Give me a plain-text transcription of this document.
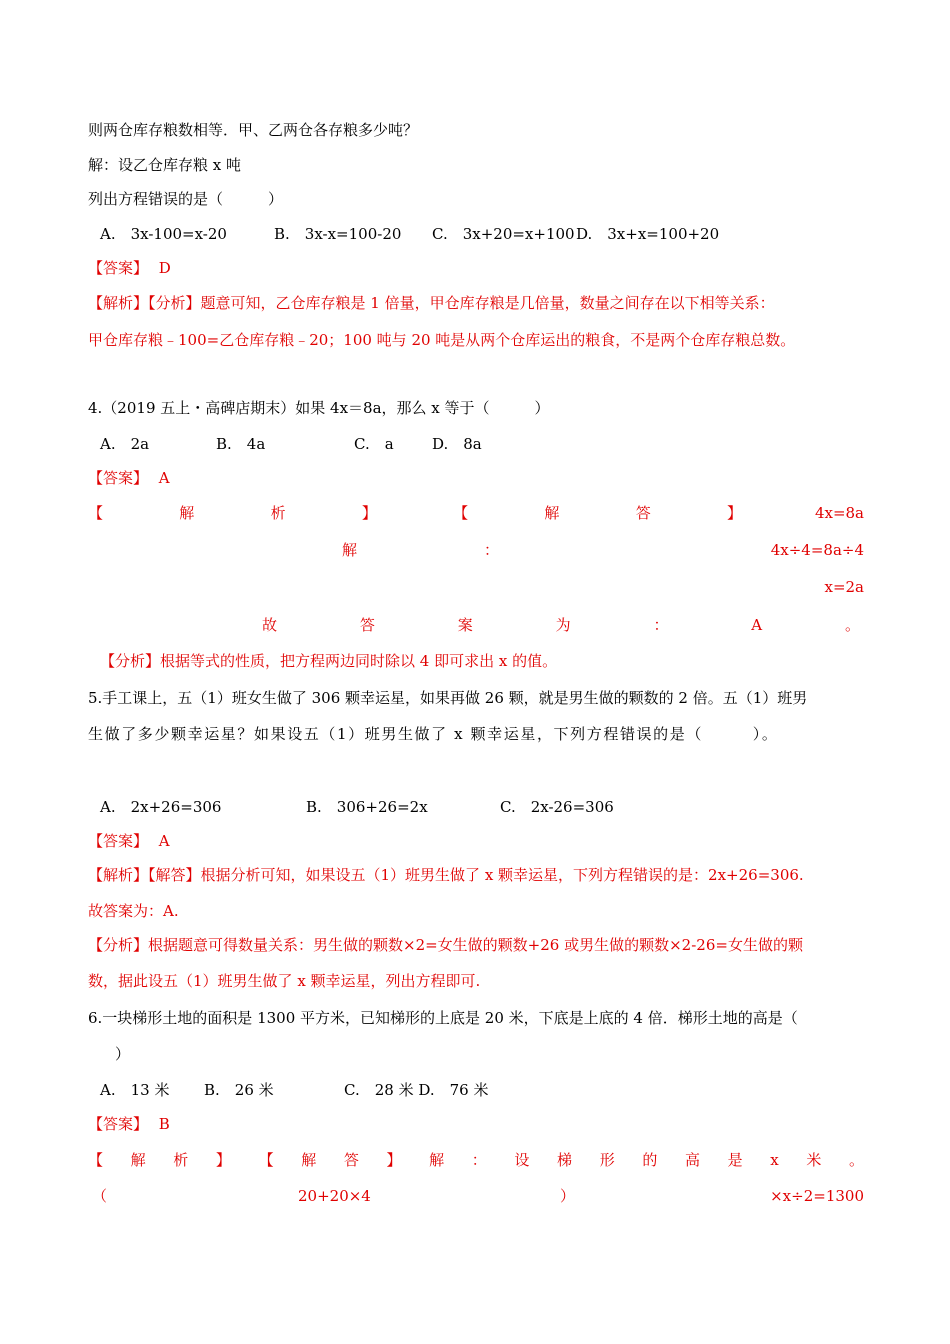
则两仓库存粮数相等．甲、乙两仓各存粮多少吨？
解：设乙仓库存粮 x 吨
列出方程错误的是（　　　）
A.　3x-100=x-20	B.　3x-x=100-20 C.　3x+20=x+100 D.　3x+x=100+20
【答案】 D
【解析】【分析】题意可知，乙仓库存粮是 1 倍量，甲仓库存粮是几倍量，数量之间存在以下相等关系：
甲仓库存粮﹣100=乙仓库存粮﹣20；100 吨与 20 吨是从两个仓库运出的粮食，不是两个仓库存粮总数。
4.（2019 五上・高碑店期末）如果 4x＝8a，那么 x 等于（　　　）
A.　2a	B.　4a	C.　a	D.　8a
【答案】 A
【	解	析	】	【	解	答	】	4x=8a
解	：	4x÷4=8a÷4
x=2a
故	答	案	为	：	A	。
【分析】根据等式的性质，把方程两边同时除以 4 即可求出 x 的值。
5.手工课上，五（1）班女生做了 306 颗幸运星，如果再做 26 颗，就是男生做的颗数的 2 倍。五（1）班男
生做了多少颗幸运星？如果设五（1）班男生做了 x 颗幸运星，下列方程错误的是（　　　）。
A.　2x+26=306	B.　306+26=2x	C.　2x-26=306
【答案】 A
【解析】【解答】根据分析可知，如果设五（1）班男生做了 x 颗幸运星，下列方程错误的是：2x+26=306.
故答案为：A.
【分析】根据题意可得数量关系：男生做的颗数×2=女生做的颗数+26 或男生做的颗数×2-26=女生做的颗
数，据此设五（1）班男生做了 x 颗幸运星，列出方程即可.
6.一块梯形土地的面积是 1300 平方米，已知梯形的上底是 20 米，下底是上底的 4 倍．梯形土地的高是（
　）
A.　13 米 B.　26 米	C.　28 米 D.　76 米
【答案】 B
【 解 析 】 【 解 答 】 解 ： 设 梯 形 的 高 是 x 米 。
（	20+20×4	）	×x÷2=1300
